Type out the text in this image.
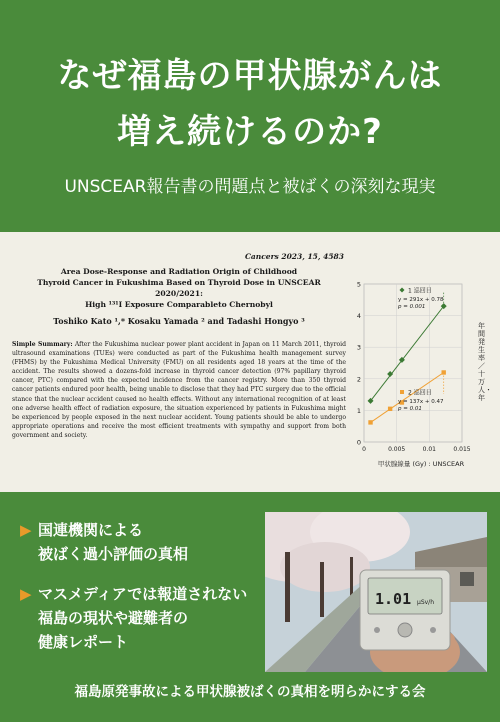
なぜ福島の甲状腺がんは
増え続けるのか?
UNSCEAR報告書の問題点と被ばくの深刻な現実
Cancers 2023, 15, 4583
Area Dose-Response and Radiation Origin of Childhood
Thyroid Cancer in Fukushima Based on Thyroid Dose in UNSCEAR 2020/2021:
High ¹³¹I Exposure Comparableto Chernobyl
Toshiko Kato ¹,* Kosaku Yamada ² and Tadashi Hongyo ³
Simple Summary: After the Fukushima nuclear power plant accident in Japan on 11 March 2011, thyroid ultrasound examinations (TUEs) were conducted as part of the Fukushima health management survey (FHMS) by the Fukushima Medical University (FMU) on all residents aged 18 years at the time of the accident. The results showed a dozens-fold increase in thyroid cancer detection (97% papillary thyroid cancer, PTC) compared with the expected incidence from the cancer registry. More than 350 thyroid cancer patients endured poor health, being unable to disclose that they had PTC surgery due to the official stance that the nuclear accident caused no health effects. Without any international recognition of at least one adverse health effect of radiation exposure, the situation experienced by patients in Fukushima might be experienced by people exposed in the next nuclear accident. Young patients should be able to undergo appropriate operations and receive the most efficient treatments with sympathy and support from both government and society.
0
1
2
3
4
5
0	0.005	0.01	0.015
甲状腺線量 (Gy) : UNSCEAR
1 巡回目
y = 291x + 0.78
p = 0.001
2 巡回目
y = 137x + 0.47
p = 0.01
年間発生率／十万人・年
▶ 国連機関による
被ばく過小評価の真相
▶ マスメディアでは報道されない
福島の現状や避難者の
健康レポート
1.01 μSv/h
福島原発事故による甲状腺被ばくの真相を明らかにする会
